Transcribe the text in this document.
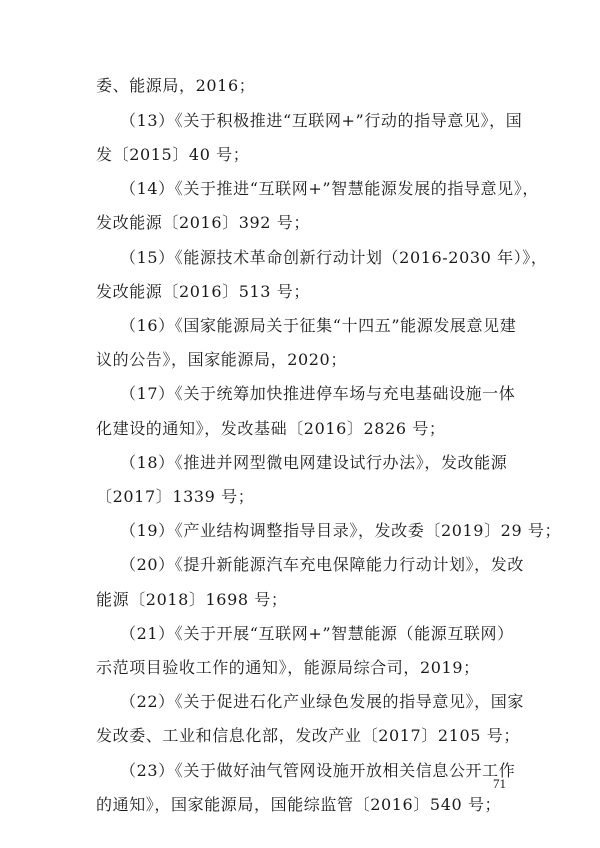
委、能源局，2016；
（13）《关于积极推进“互联网+”行动的指导意见》，国
发〔2015〕40 号；
（14）《关于推进“互联网+”智慧能源发展的指导意见》，
发改能源〔2016〕392 号；
（15）《能源技术革命创新行动计划（2016-2030 年）》，
发改能源〔2016〕513 号；
（16）《国家能源局关于征集“十四五”能源发展意见建
议的公告》，国家能源局，2020；
（17）《关于统筹加快推进停车场与充电基础设施一体
化建设的通知》，发改基础〔2016〕2826 号；
（18）《推进并网型微电网建设试行办法》，发改能源
〔2017〕1339 号；
（19）《产业结构调整指导目录》，发改委〔2019〕29 号；
（20）《提升新能源汽车充电保障能力行动计划》，发改
能源〔2018〕1698 号；
（21）《关于开展“互联网+”智慧能源（能源互联网）
示范项目验收工作的通知》，能源局综合司，2019；
（22）《关于促进石化产业绿色发展的指导意见》，国家
发改委、工业和信息化部，发改产业〔2017〕2105 号；
（23）《关于做好油气管网设施开放相关信息公开工作
的通知》，国家能源局，国能综监管〔2016〕540 号；
71
